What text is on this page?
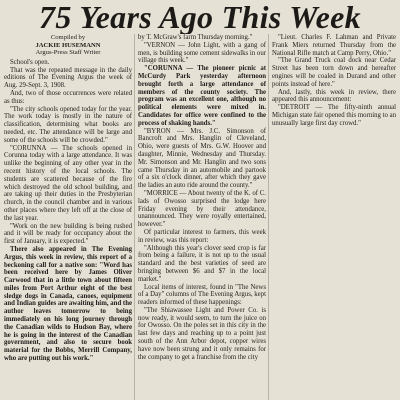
75 Years Ago This Week
Compiled by
JACKIE HUSEMANN
Argus-Press Staff Writer

School's open.

That was the repeated message in the daily editions of The Evening Argus the week of Aug. 29-Sept. 3, 1908.

And, two of those occurrences were related as thus:

"The city schools opened today for the year. The work today is mostly in the nature of classification, determining what books are needed, etc. The attendance will be large and some of the schools will be crowded."

"CORUNNA — The schools opened in Corunna today with a large attendance. It was unlike the beginning of any other year in the recent history of the local schools. The students are scattered because of the fire which destroyed the old school building, and are taking up their duties in the Presbyterian church, in the council chamber and in various other places where they left off at the close of the last year.

"Work on the new building is being rushed and it will be ready for occupancy about the first of January, it is expected."

There also appeared in The Evening Argus, this week in review, this report of a beckoning call for a native son: "Word has been received here by James Oliver Carwood that in a little town about fifteen miles from Port Arthur eight of the best sledge dogs in Canada, canoes, equipment and Indian guides are awaiting him, and the author leaves tomorrow to being immediately on his long journey through the Canadian wilds to Hudson Bay, where he is going in the interest of the Canadian government, and also to secure book material for the Bobbs, Merrill Company, who are putting out his work."

by T. McGraw's farm Thursday morning."

"VERNON — John Light, with a gang of men, is building some cement sidewalks in our village this week."

"CORUNNA — The pioneer picnic at McCurdy Park yesterday afternoon brought forth a large attendance of members of the county society. The program was an excellent one, although no political elements were mixed in. Candidates for office were confined to the process of shaking hands."

"BYRON — Mrs. J.C. Simonson of Bancroft and Mrs. Hanglin of Cleveland, Ohio, were guests of Mrs. G.W. Hoover and daughter, Minnie, Wednesday and Thursday. Mr. Simonson and Mr. Hanglin and two sons came Thursday in an automobile and partook of a six o'clock dinner, after which they gave the ladies an auto ride around the county."

"MORRICE — About twenty of the K. of C. lads of Owosso surprised the lodge here Friday evening by their attendance, unannounced. They were royally entertained, however."

Of particular interest to farmers, this week in review, was this report:

"Although this year's clover seed crop is far from being a failure, it is not up to the usual standard and the best varieties of seed are bringing between $6 and $7 in the local market."

Local items of interest, found in "The News of a Day" columns of The Evening Argus, kept readers informed of these happenings:

"The Shiawassee Light and Power Co. is now ready, it would seem, to turn the juice on for Owosso. On the poles set in this city in the last few days and reaching up to a point just south of the Ann Arbor depot, copper wires have now been strung and it only remains for the company to get a franchise from the city

"Lieut. Charles F. Lahman and Private Frank Miers returned Thursday from the National Rifle match at Camp Perry, Ohio."

"The Grand Truck coal dock near Cedar Street has been torn down and hereafter engines will be coaled in Durand and other points instead of here."

And, lastly, this week in review, there appeared this announcement:

"DETROIT — The fifty-ninth annual Michigan state fair opened this morning to an unusually large first day crowd."
